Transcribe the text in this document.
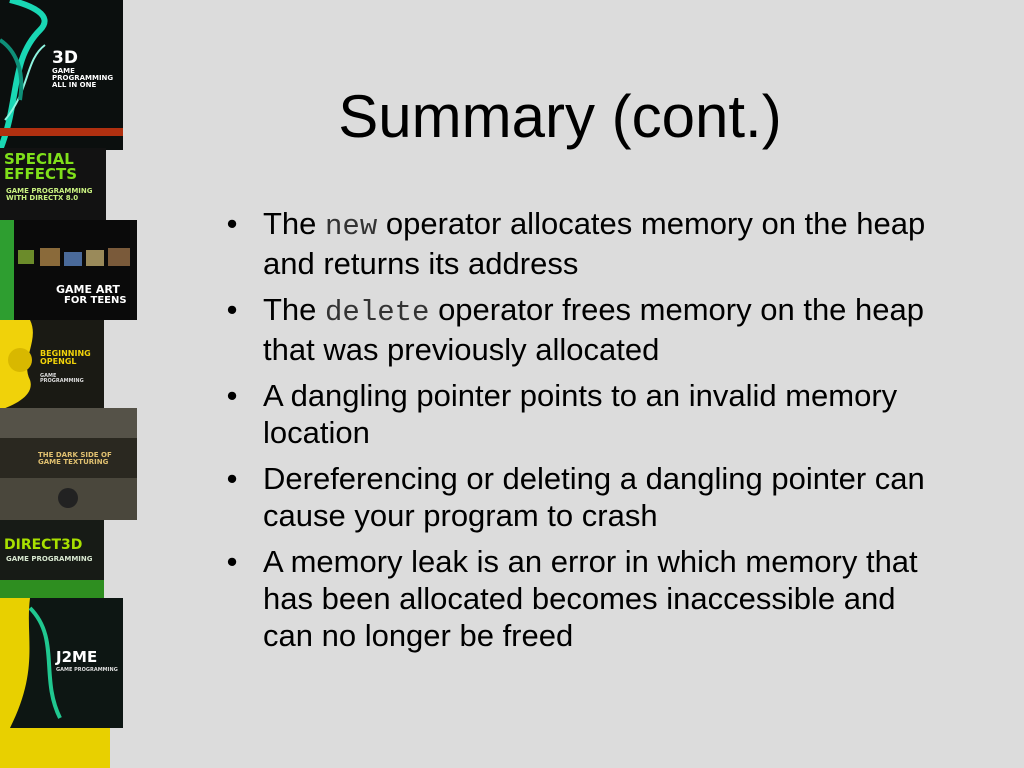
3D
GAME PROGRAMMING ALL IN ONE
SPECIAL EFFECTS
GAME PROGRAMMING WITH DIRECTX 8.0
GAME ART
FOR TEENS
BEGINNING OPENGL
GAME PROGRAMMING
THE DARK SIDE OF GAME TEXTURING
DIRECT3D
GAME PROGRAMMING
J2ME
GAME PROGRAMMING
Summary (cont.)
• The new operator allocates memory on the heap and returns its address
• The delete operator frees memory on the heap that was previously allocated
• A dangling pointer points to an invalid memory location
• Dereferencing or deleting a dangling pointer can cause your program to crash
• A memory leak is an error in which memory that has been allocated becomes inaccessible and can no longer be freed
